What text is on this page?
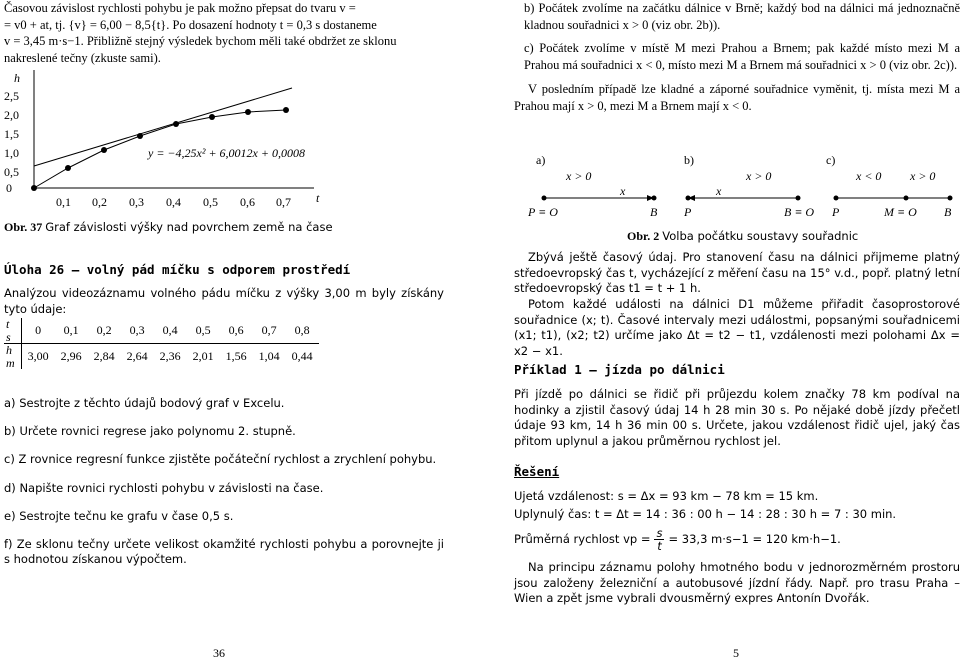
Časovou závislost rychlosti pohybu je pak možno přepsat do tvaru v =

= v0 + at, tj. {v} = 6,00 − 8,5{t}. Po dosazení hodnoty t = 0,3 s dostaneme

v = 3,45 m·s−1. Přibližně stejný výsledek bychom měli také obdržet ze sklonu

nakreslené tečny (zkuste sami).

h
t
0
2,5
2,0
1,5
1,0
0,5
0,1 0,2 0,3 0,4 0,5 0,6 0,7
y = −4,25x² + 6,0012x + 0,0008
Obr. 37 Graf závislosti výšky nad povrchem země na čase
Úloha 26 – volný pád míčku s odporem prostředí

Analýzou videozáznamu volného pádu míčku z výšky 3,00 m byly získány tyto údaje:

t
s	0	0,1	0,2	0,3	0,4	0,5	0,6	0,7	0,8
h
m	3,00	2,96	2,84	2,64	2,36	2,01	1,56	1,04	0,44

a) Sestrojte z těchto údajů bodový graf v Excelu.

b) Určete rovnici regrese jako polynomu 2. stupně.

c) Z rovnice regresní funkce zjistěte počáteční rychlost a zrychlení pohybu.

d) Napište rovnici rychlosti pohybu v závislosti na čase.

e) Sestrojte tečnu ke grafu v čase 0,5 s.

f) Ze sklonu tečny určete velikost okamžité rychlosti pohybu a porovnejte ji s hodnotou získanou výpočtem.

36

b) Počátek zvolíme na začátku dálnice v Brně; každý bod na dálnici má jednoznačně kladnou souřadnici x > 0 (viz obr. 2b)).

c) Počátek zvolíme v místě M mezi Prahou a Brnem; pak každé místo mezi M a Prahou má souřadnici x < 0, místo mezi M a Brnem má souřadnici x > 0 (viz obr. 2c)).

V posledním případě lze kladné a záporné souřadnice vyměnit, tj. místa mezi M a Prahou mají x > 0, mezi M a Brnem mají x < 0.

a)
x > 0
x
P ≡ O	B
b)
x > 0
x
P	B ≡ O
c)
x < 0 x > 0
P	M ≡ O B
Obr. 2 Volba počátku soustavy souřadnic

Zbývá ještě časový údaj. Pro stanovení času na dálnici přijmeme platný středoevropský čas t, vycházející z měření času na 15° v.d., popř. platný letní středoevropský čas t1 = t + 1 h.

Potom každé události na dálnici D1 můžeme přiřadit časoprostorové souřadnice (x; t). Časové intervaly mezi událostmi, popsanými souřadnicemi (x1; t1), (x2; t2) určíme jako Δt = t2 − t1, vzdálenosti mezi polohami Δx = x2 − x1.

Příklad 1 – jízda po dálnici

Při jízdě po dálnici se řidič při průjezdu kolem značky 78 km podíval na hodinky a zjistil časový údaj 14 h 28 min 30 s. Po nějaké době jízdy přečetl údaje 93 km, 14 h 36 min 00 s. Určete, jakou vzdálenost řidič ujel, jaký čas přitom uplynul a jakou průměrnou rychlost jel.

Řešení

Ujetá vzdálenost: s = Δx = 93 km − 78 km = 15 km.

Uplynulý čas: t = Δt = 14 : 36 : 00 h − 14 : 28 : 30 h = 7 : 30 min.

Průměrná rychlost vp = $\frac{s}{t} = 33,3$ m·s−1 = 120 km·h−1.

Na principu záznamu polohy hmotného bodu v jednorozměrném prostoru jsou založeny železniční a autobusové jízdní řády. Např. pro trasu Praha – Wien a zpět jsme vybrali dvousměrný expres Antonín Dvořák.

5
